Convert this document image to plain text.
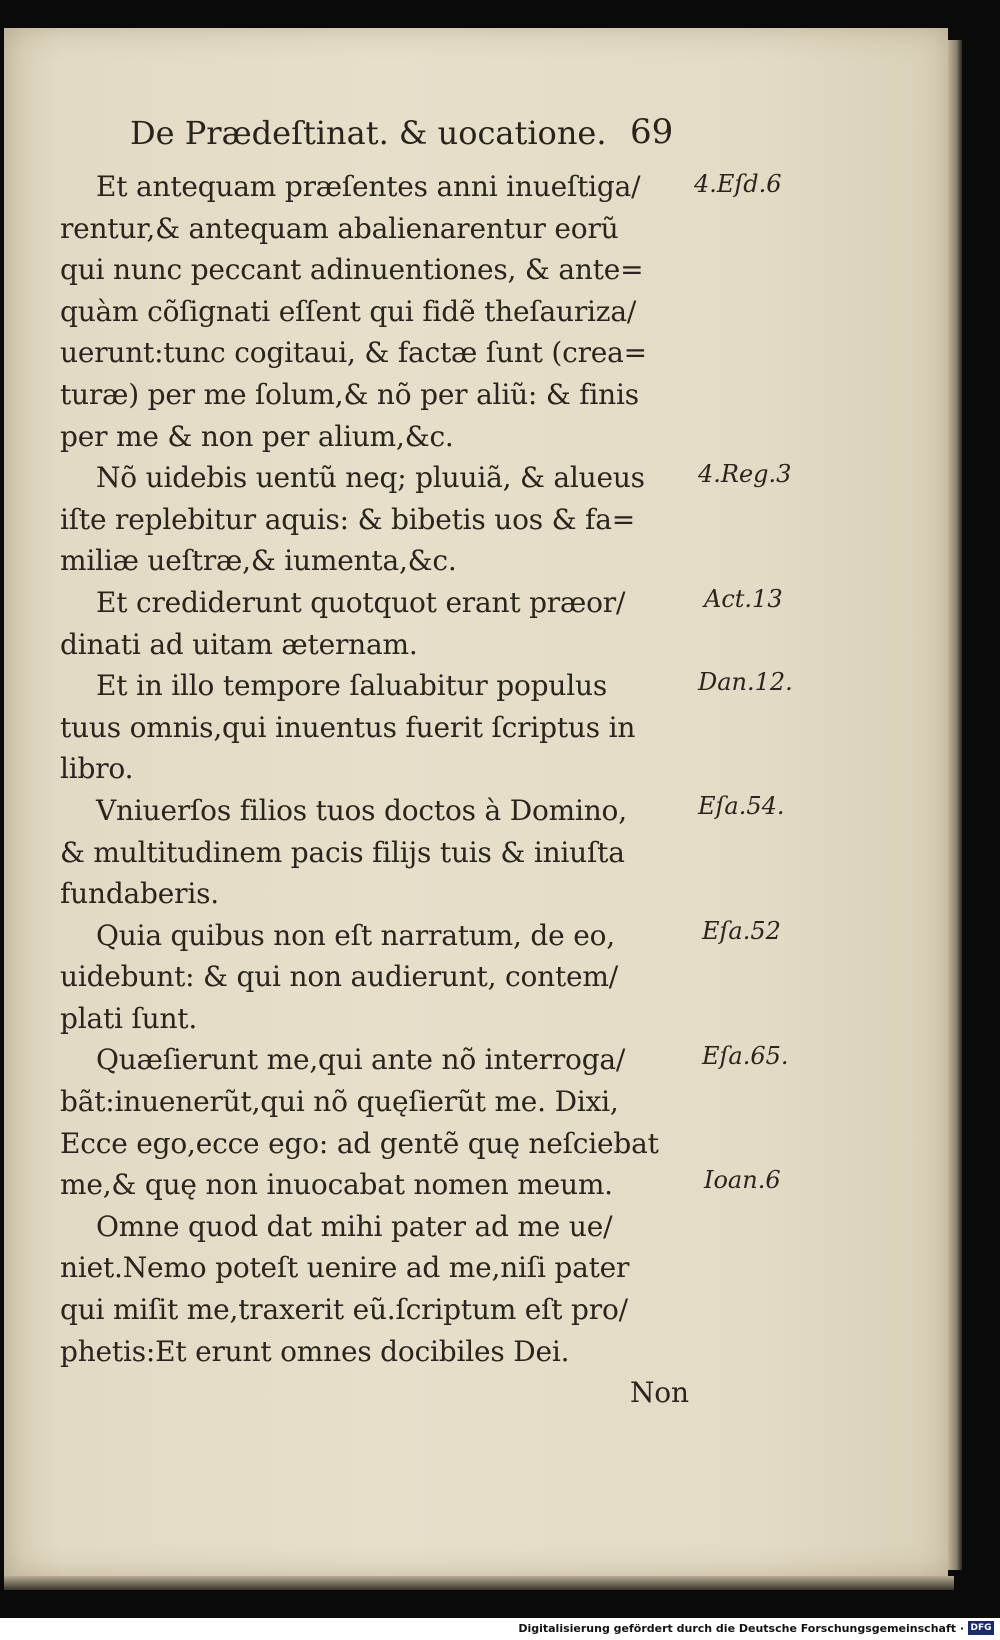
De Prædeſtinat. & uocatione. 69
Et antequam præſentes anni inueſtiga/
rentur,& antequam abalienarentur eorũ
qui nunc peccant adinuentiones, & ante=
quàm cõſignati eſſent qui fidẽ theſauriza/
uerunt:tunc cogitaui, & factæ ſunt (crea=
turæ) per me ſolum,& nõ per aliũ: & finis
per me & non per alium,&c.
Nõ uidebis uentũ neq; pluuiã, & alueus
iſte replebitur aquis: & bibetis uos & fa=
miliæ ueſtræ,& iumenta,&c.
Et crediderunt quotquot erant præor/
dinati ad uitam æternam.
Et in illo tempore ſaluabitur populus
tuus omnis,qui inuentus fuerit ſcriptus in
libro.
Vniuerſos filios tuos doctos à Domino,
& multitudinem pacis filijs tuis & iniuſta
fundaberis.
Quia quibus non eſt narratum, de eo,
uidebunt: & qui non audierunt, contem/
plati ſunt.
Quæſierunt me,qui ante nõ interroga/
bãt:inuenerũt,qui nõ quęſierũt me. Dixi,
Ecce ego,ecce ego: ad gentẽ quę neſciebat
me,& quę non inuocabat nomen meum.
Omne quod dat mihi pater ad me ue/
niet.Nemo poteſt uenire ad me,niſi pater
qui miſit me,traxerit eũ.ſcriptum eſt pro/
phetis:Et erunt omnes docibiles Dei.
Non
4.Eſd.6
4.Reg.3
Act.13
Dan.12.
Eſa.54.
Eſa.52
Eſa.65.
Ioan.6
Digitalisierung gefördert durch die Deutsche Forschungsgemeinschaft · DFG
